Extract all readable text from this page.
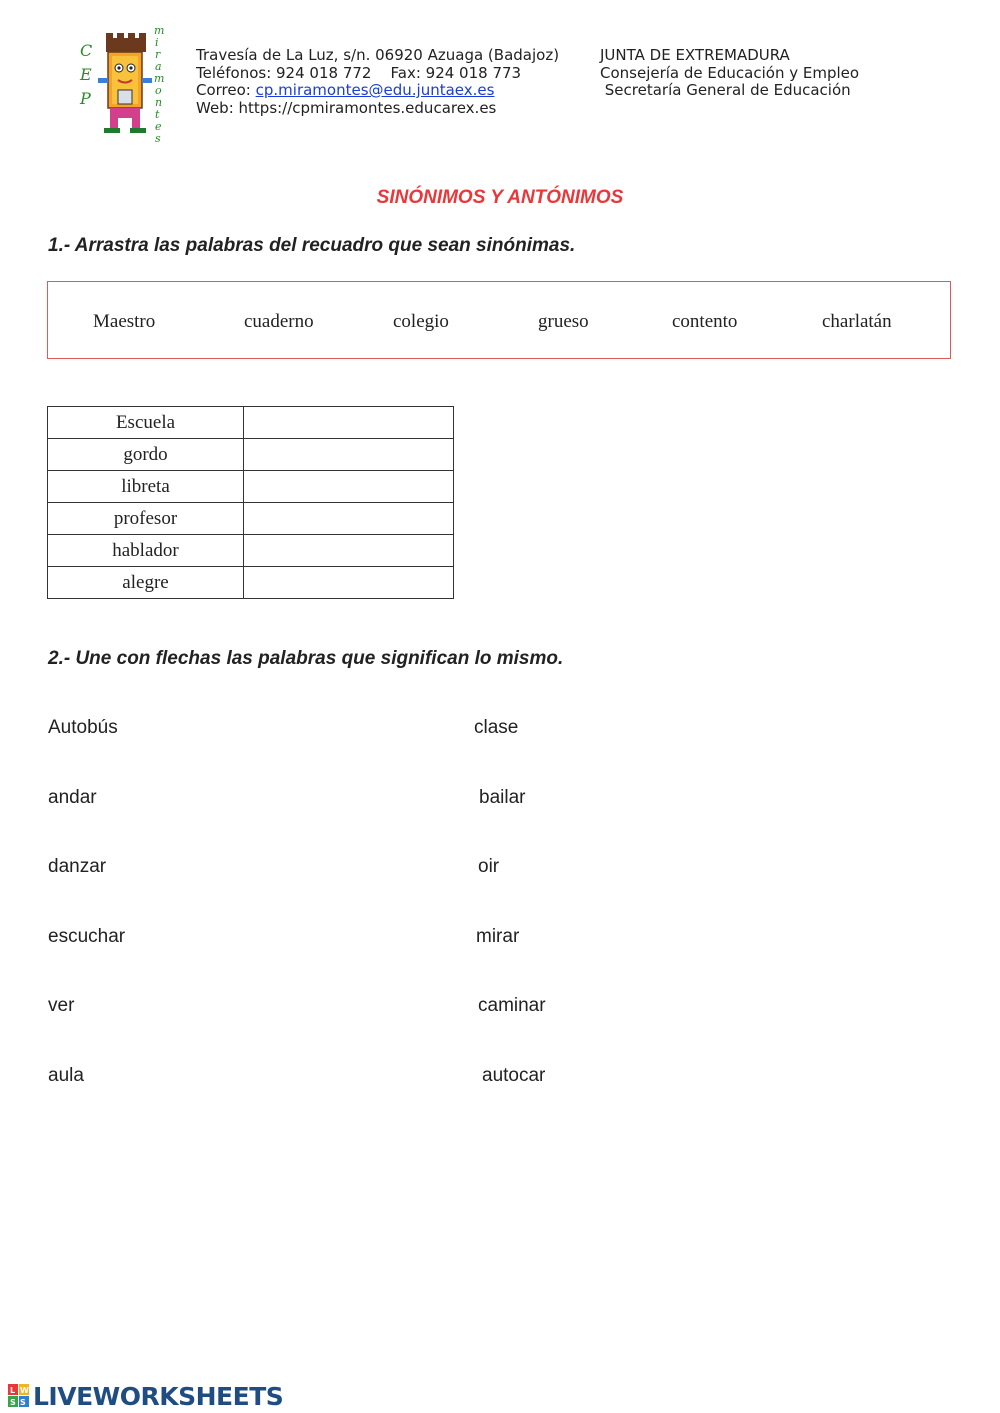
C
E
P
m
i
r
a
m
o
n
t
e
s
Travesía de La Luz, s/n. 06920 Azuaga (Badajoz)
Teléfonos: 924 018 772    Fax: 924 018 773
Correo: cp.miramontes@edu.juntaex.es
Web: https://cpmiramontes.educarex.es
JUNTA DE EXTREMADURA
Consejería de Educación y Empleo
Secretaría General de Educación
SINÓNIMOS Y ANTÓNIMOS
1.- Arrastra las palabras del recuadro que sean sinónimas.
Maestro	cuaderno	colegio	grueso	contento	charlatán
Escuela	
gordo	
libreta	
profesor	
hablador	
alegre	
2.- Une con flechas las palabras que significan lo mismo.
Autobús
andar
danzar
escuchar
ver
aula
clase
bailar
oir
mirar
caminar
autocar
L W
S S LIVEWORKSHEETS
